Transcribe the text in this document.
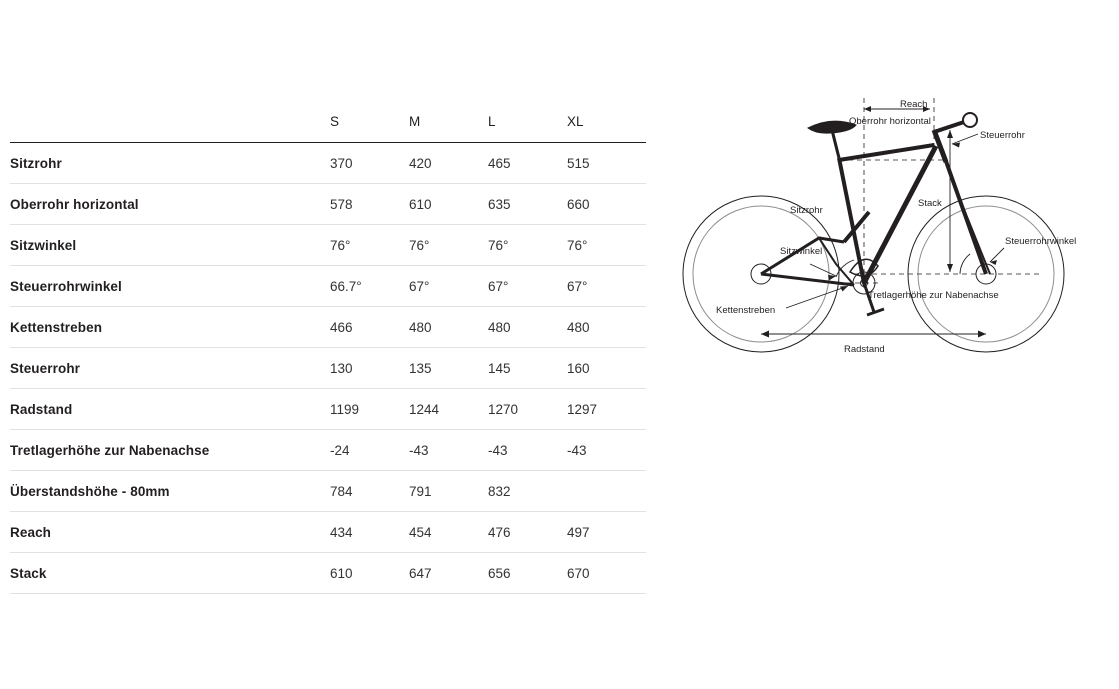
	S	M	L	XL
Sitzrohr	370	420	465	515
Oberrohr horizontal	578	610	635	660
Sitzwinkel	76°	76°	76°	76°
Steuerrohrwinkel	66.7°	67°	67°	67°
Kettenstreben	466	480	480	480
Steuerrohr	130	135	145	160
Radstand	1199	1244	1270	1297
Tretlagerhöhe zur Nabenachse	-24	-43	-43	-43
Überstandshöhe - 80mm	784	791	832	
Reach	434	454	476	497
Stack	610	647	656	670
Reach
Oberrohr horizontal
Steuerrohr
Sitzrohr
Stack
Sitzwinkel
Steuerrohrwinkel
Kettenstreben
Tretlagerhöhe zur Nabenachse
Radstand
